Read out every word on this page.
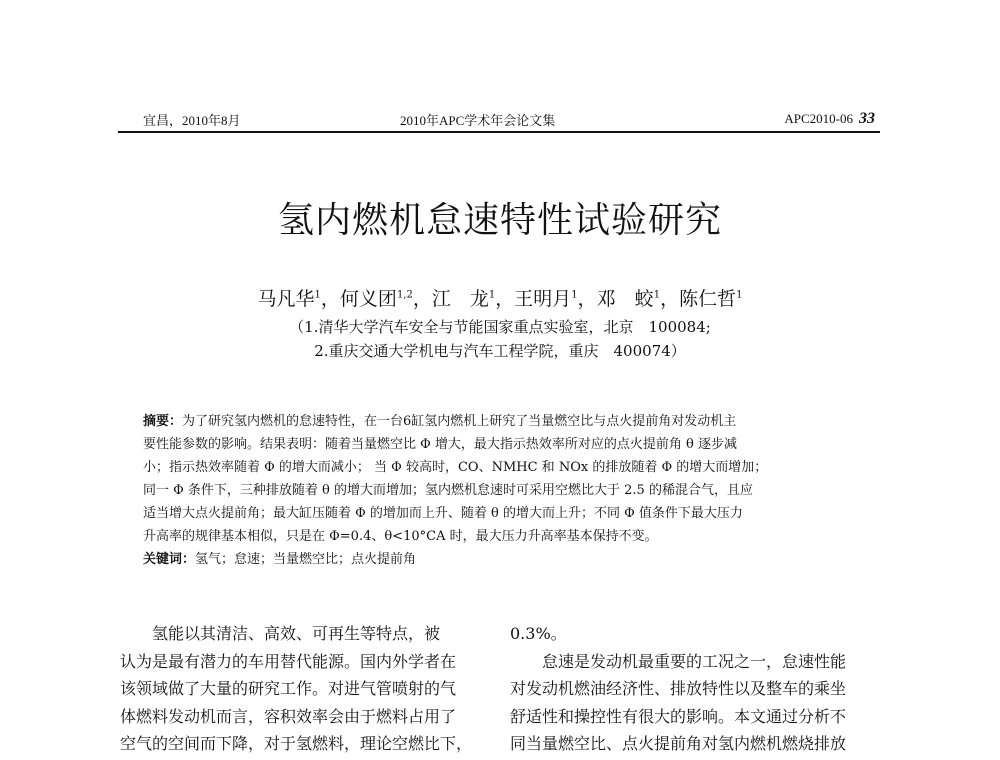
宜昌，2010年8月	2010年APC学术年会论文集	APC2010-06 33
氢内燃机怠速特性试验研究
马凡华$^1$，何义团$^{1,2}$，江　龙$^1$，王明月$^1$，邓　蛟$^1$，陈仁哲$^1$
（1.清华大学汽车安全与节能国家重点实验室，北京　100084;
2.重庆交通大学机电与汽车工程学院，重庆　400074）
摘要：为了研究氢内燃机的怠速特性，在一台6缸氢内燃机上研究了当量燃空比与点火提前角对发动机主
要性能参数的影响。结果表明：随着当量燃空比 Φ 增大，最大指示热效率所对应的点火提前角 θ 逐步减
小；指示热效率随着 Φ 的增大而减小； 当 Φ 较高时，CO、NMHC 和 NOx 的排放随着 Φ 的增大而增加；
同一 Φ 条件下，三种排放随着 θ 的增大而增加；氢内燃机怠速时可采用空燃比大于 2.5 的稀混合气，且应
适当增大点火提前角；最大缸压随着 Φ 的增加而上升、随着 θ 的增大而上升；不同 Φ 值条件下最大压力
升高率的规律基本相似，只是在 Φ=0.4、θ<10°CA 时，最大压力升高率基本保持不变。
关键词：氢气；怠速；当量燃空比；点火提前角
　　氢能以其清洁、高效、可再生等特点，被
认为是最有潜力的车用替代能源。国内外学者在
该领域做了大量的研究工作。对进气管喷射的气
体燃料发动机而言，容积效率会由于燃料占用了
空气的空间而下降，对于氢燃料，理论空燃比下，
0.3%。
　　怠速是发动机最重要的工况之一，怠速性能
对发动机燃油经济性、排放特性以及整车的乘坐
舒适性和操控性有很大的影响。本文通过分析不
同当量燃空比、点火提前角对氢内燃机燃烧排放
